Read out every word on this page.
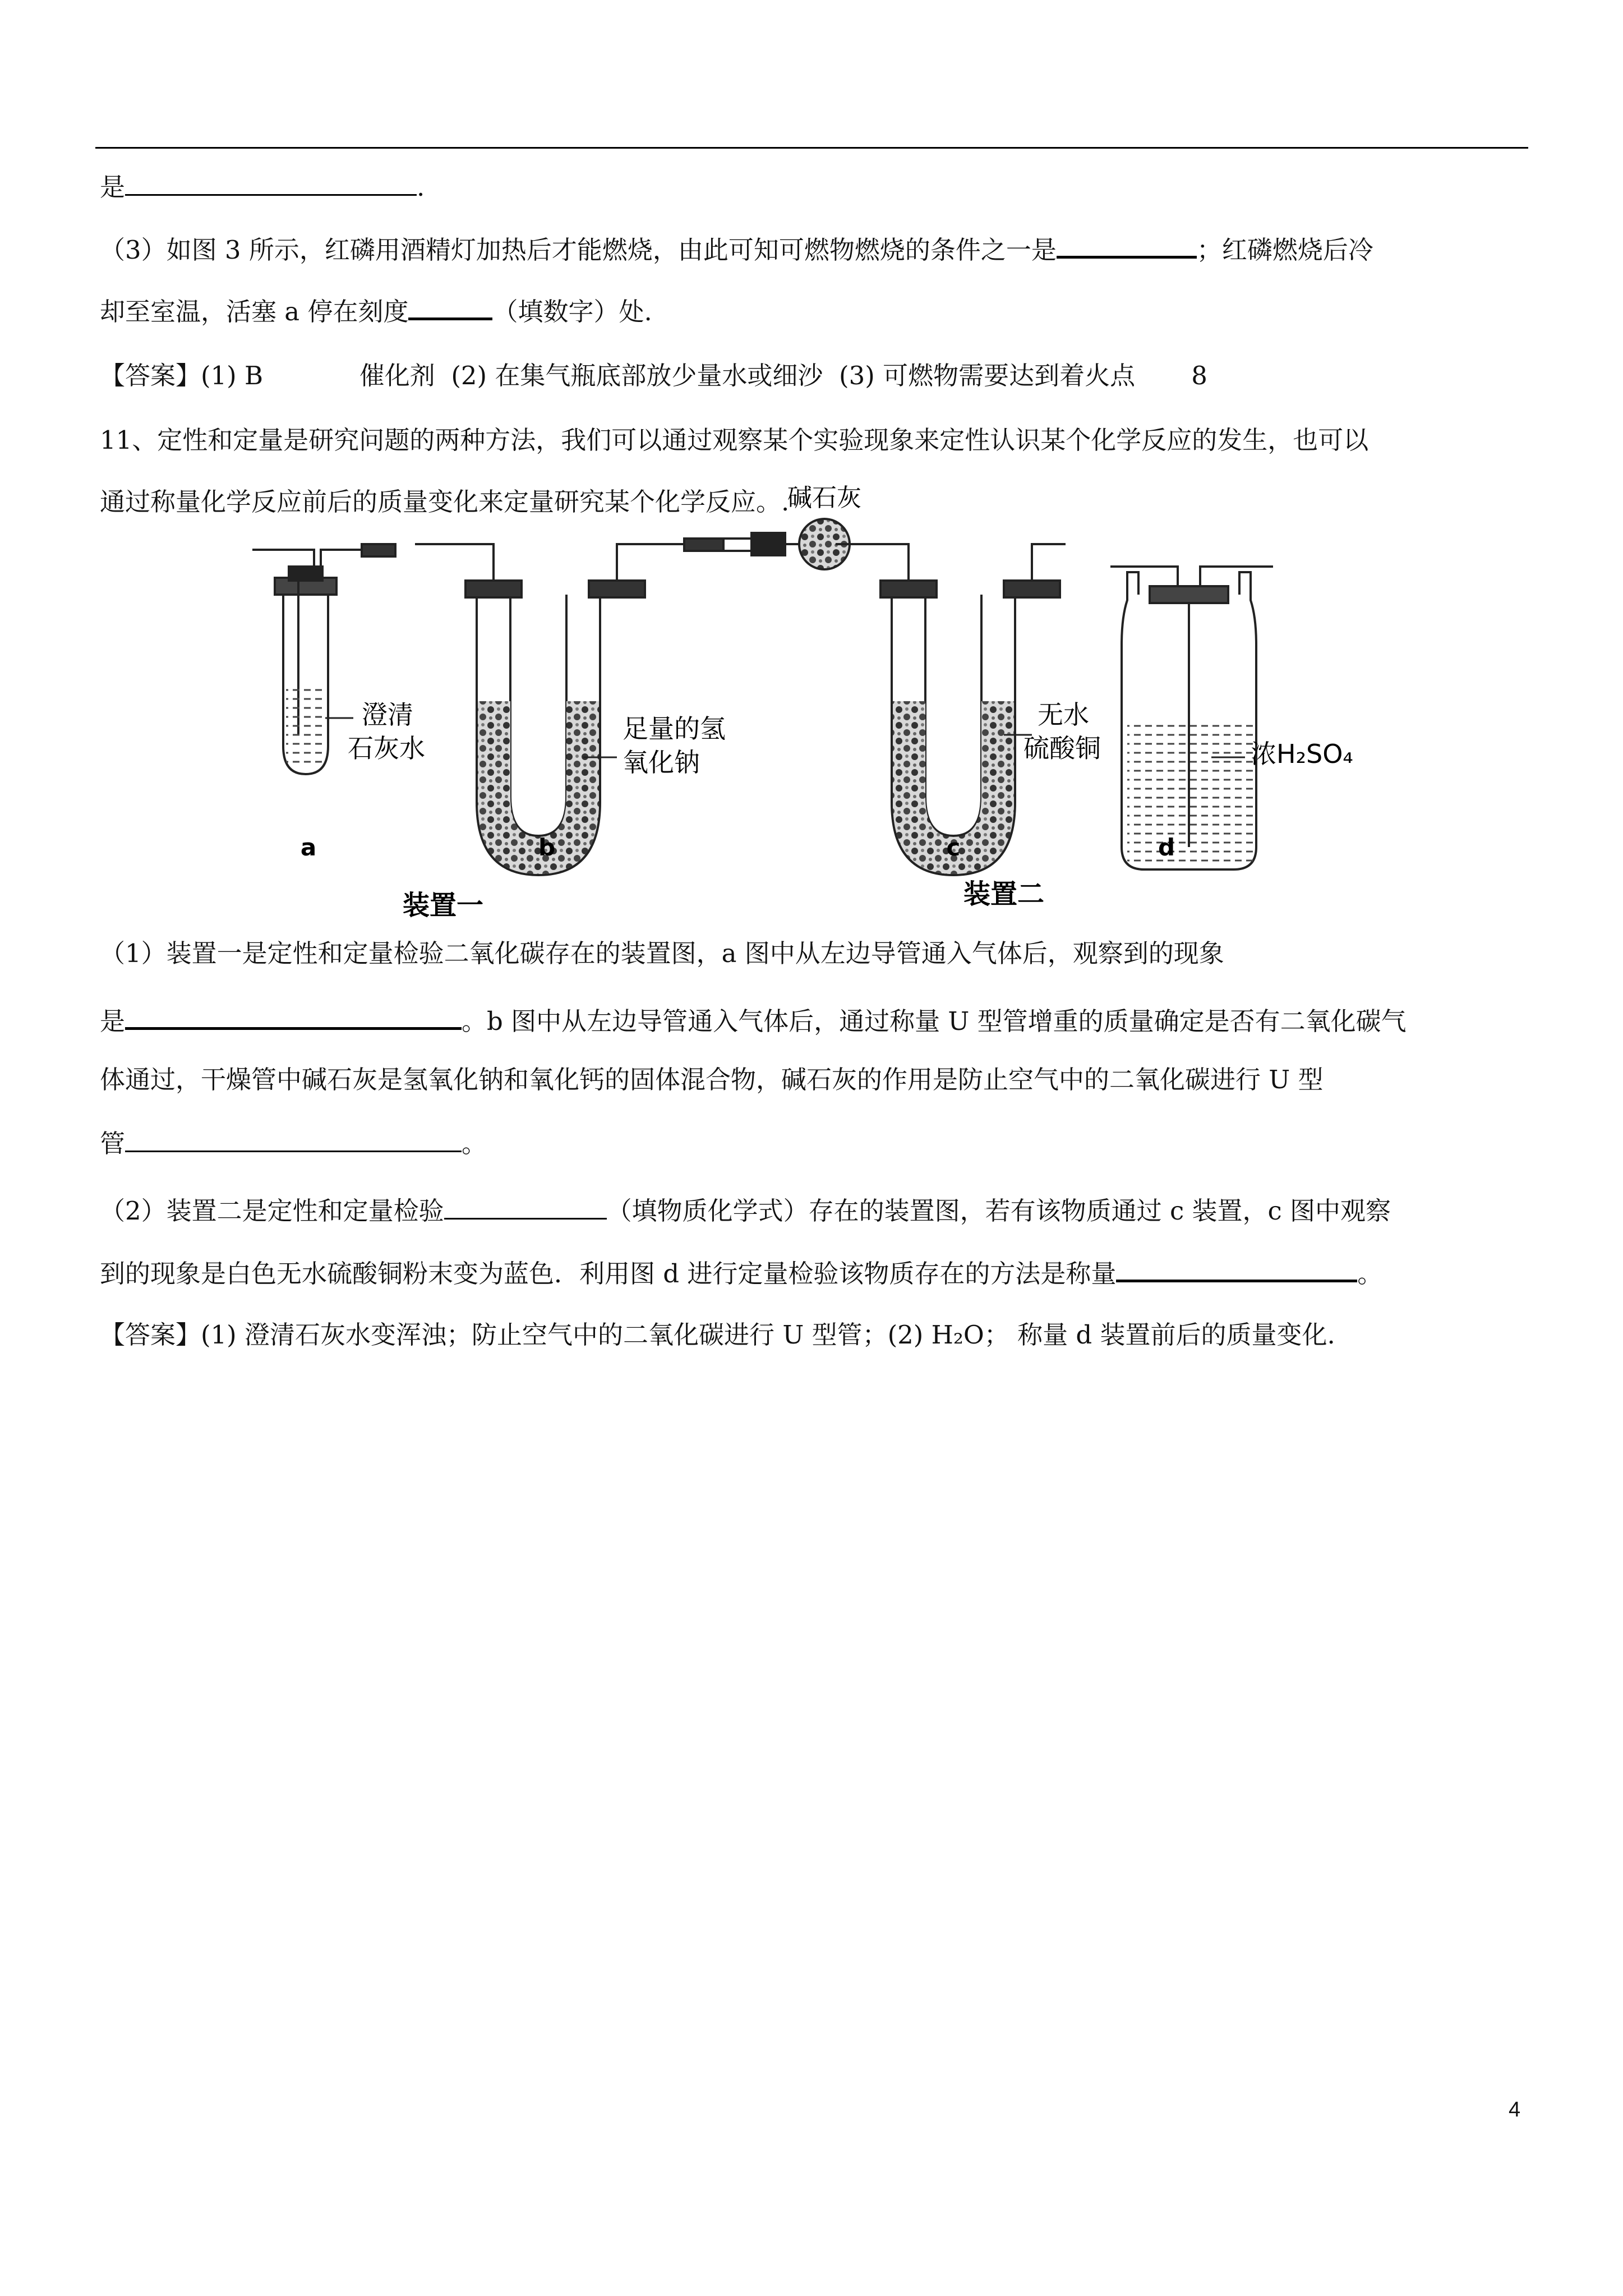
是	.
（3）如图 3 所示，红磷用酒精灯加热后才能燃烧，由此可知可燃物燃烧的条件之一是	；红磷燃烧后冷
却至室温，活塞 a 停在刻度	（填数字）处.
【答案】(1) B            催化剂  (2) 在集气瓶底部放少量水或细沙  (3) 可燃物需要达到着火点       8
11、定性和定量是研究问题的两种方法，我们可以通过观察某个实验现象来定性认识某个化学反应的发生，也可以
通过称量化学反应前后的质量变化来定量研究某个化学反应。.
碱石灰
澄清
石灰水
足量的氢
氧化钠
无水
硫酸铜	浓H₂SO₄
a	b	c	d
装置一	装置二
（1）装置一是定性和定量检验二氧化碳存在的装置图，a 图中从左边导管通入气体后，观察到的现象
是	。b 图中从左边导管通入气体后，通过称量 U 型管增重的质量确定是否有二氧化碳气
体通过，干燥管中碱石灰是氢氧化钠和氧化钙的固体混合物，碱石灰的作用是防止空气中的二氧化碳进行 U 型
管	。
（2）装置二是定性和定量检验	（填物质化学式）存在的装置图，若有该物质通过 c 装置，c 图中观察
到的现象是白色无水硫酸铜粉末变为蓝色．利用图 d 进行定量检验该物质存在的方法是称量	。
【答案】(1) 澄清石灰水变浑浊；防止空气中的二氧化碳进行 U 型管；(2) H₂O； 称量 d 装置前后的质量变化.
4
